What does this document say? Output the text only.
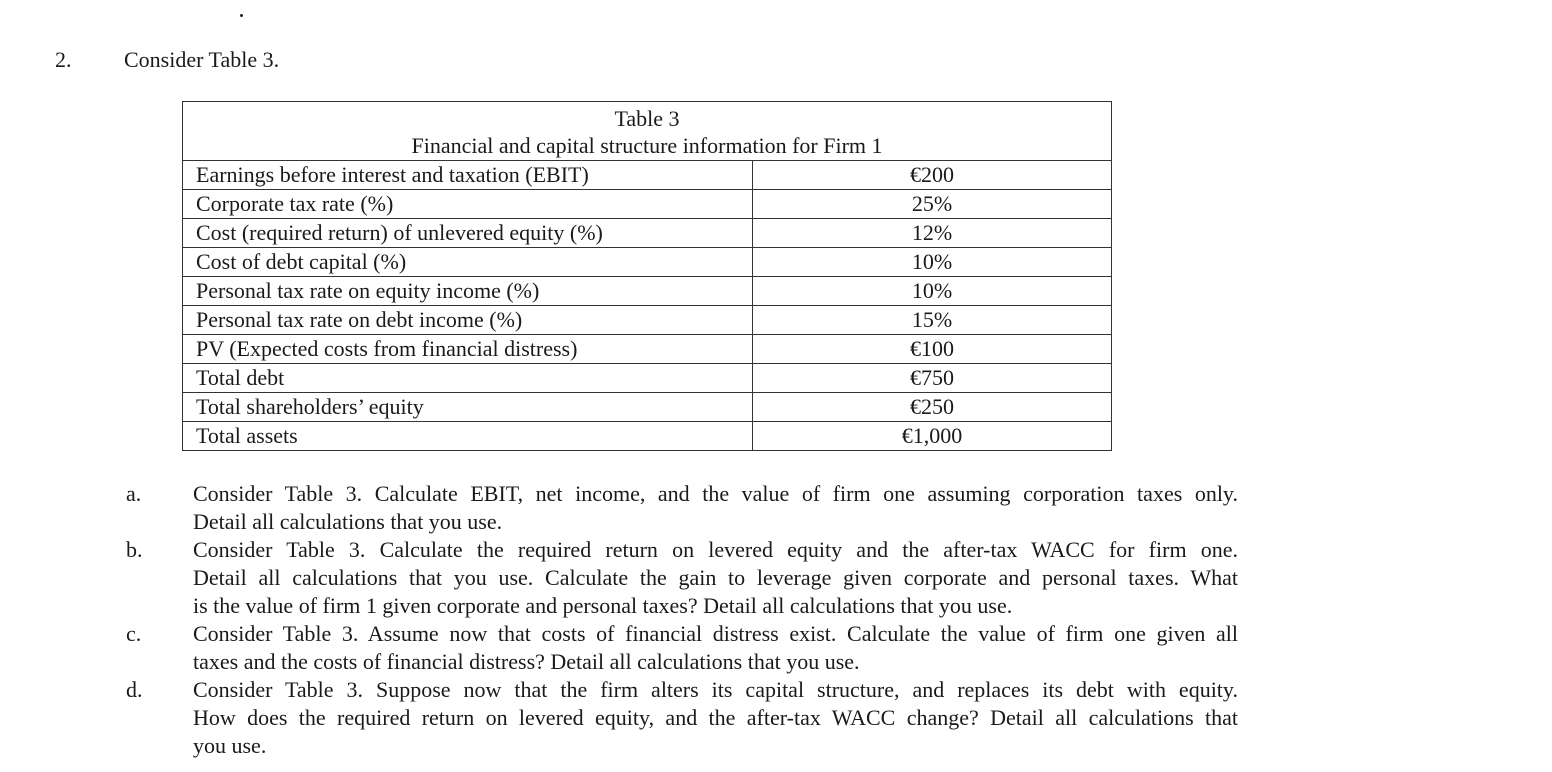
2. Consider Table 3.
Table 3
Financial and capital structure information for Firm 1	
Earnings before interest and taxation (EBIT)	€200
Corporate tax rate (%)	25%
Cost (required return) of unlevered equity (%)	12%
Cost of debt capital (%)	10%
Personal tax rate on equity income (%)	10%
Personal tax rate on debt income (%)	15%
PV (Expected costs from financial distress)	€100
Total debt	€750
Total shareholders’ equity	€250
Total assets	€1,000
a. Consider Table 3. Calculate EBIT, net income, and the value of firm one assuming corporation taxes only.
Detail all calculations that you use.
b. Consider Table 3. Calculate the required return on levered equity and the after-tax WACC for firm one.
Detail all calculations that you use. Calculate the gain to leverage given corporate and personal taxes. What
is the value of firm 1 given corporate and personal taxes? Detail all calculations that you use.
c. Consider Table 3. Assume now that costs of financial distress exist. Calculate the value of firm one given all
taxes and the costs of financial distress? Detail all calculations that you use.
d. Consider Table 3. Suppose now that the firm alters its capital structure, and replaces its debt with equity.
How does the required return on levered equity, and the after-tax WACC change? Detail all calculations that
you use.
